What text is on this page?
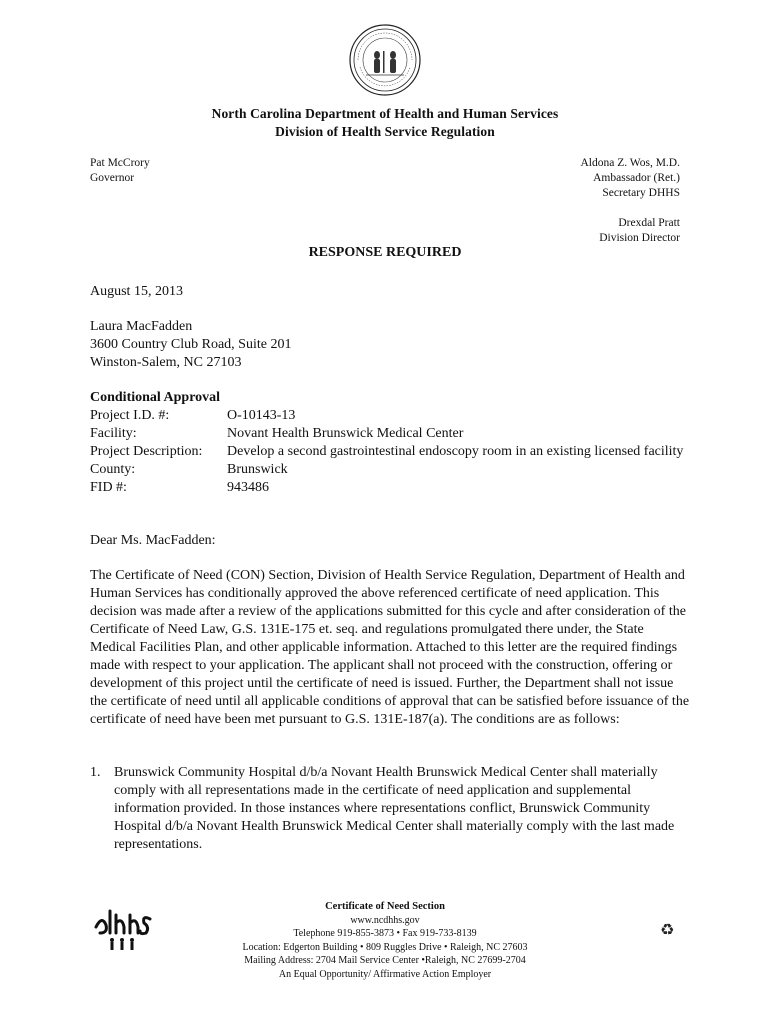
North Carolina Department of Health and Human Services
Division of Health Service Regulation
Pat McCrory
Governor
Aldona Z. Wos, M.D.
Ambassador (Ret.)
Secretary DHHS
Drexdal Pratt
Division Director
RESPONSE REQUIRED
August 15, 2013
Laura MacFadden
3600 Country Club Road, Suite 201
Winston-Salem, NC 27103
Conditional Approval
Project I.D. #:	O-10143-13
Facility:	Novant Health Brunswick Medical Center
Project Description:	Develop a second gastrointestinal endoscopy room in an existing licensed facility
County:	Brunswick
FID #:	943486
Dear Ms. MacFadden:
The Certificate of Need (CON) Section, Division of Health Service Regulation, Department of Health and Human Services has conditionally approved the above referenced certificate of need application. This decision was made after a review of the applications submitted for this cycle and after consideration of the Certificate of Need Law, G.S. 131E-175 et. seq. and regulations promulgated there under, the State Medical Facilities Plan, and other applicable information. Attached to this letter are the required findings made with respect to your application. The applicant shall not proceed with the construction, offering or development of this project until the certificate of need is issued. Further, the Department shall not issue the certificate of need until all applicable conditions of approval that can be satisfied before issuance of the certificate of need have been met pursuant to G.S. 131E-187(a). The conditions are as follows:
1. Brunswick Community Hospital d/b/a Novant Health Brunswick Medical Center shall materially comply with all representations made in the certificate of need application and supplemental information provided. In those instances where representations conflict, Brunswick Community Hospital d/b/a Novant Health Brunswick Medical Center shall materially comply with the last made representations.
Certificate of Need Section
www.ncdhhs.gov
Telephone 919-855-3873 • Fax 919-733-8139
Location: Edgerton Building • 809 Ruggles Drive • Raleigh, NC 27603
Mailing Address: 2704 Mail Service Center •Raleigh, NC 27699-2704
An Equal Opportunity/ Affirmative Action Employer
♻
